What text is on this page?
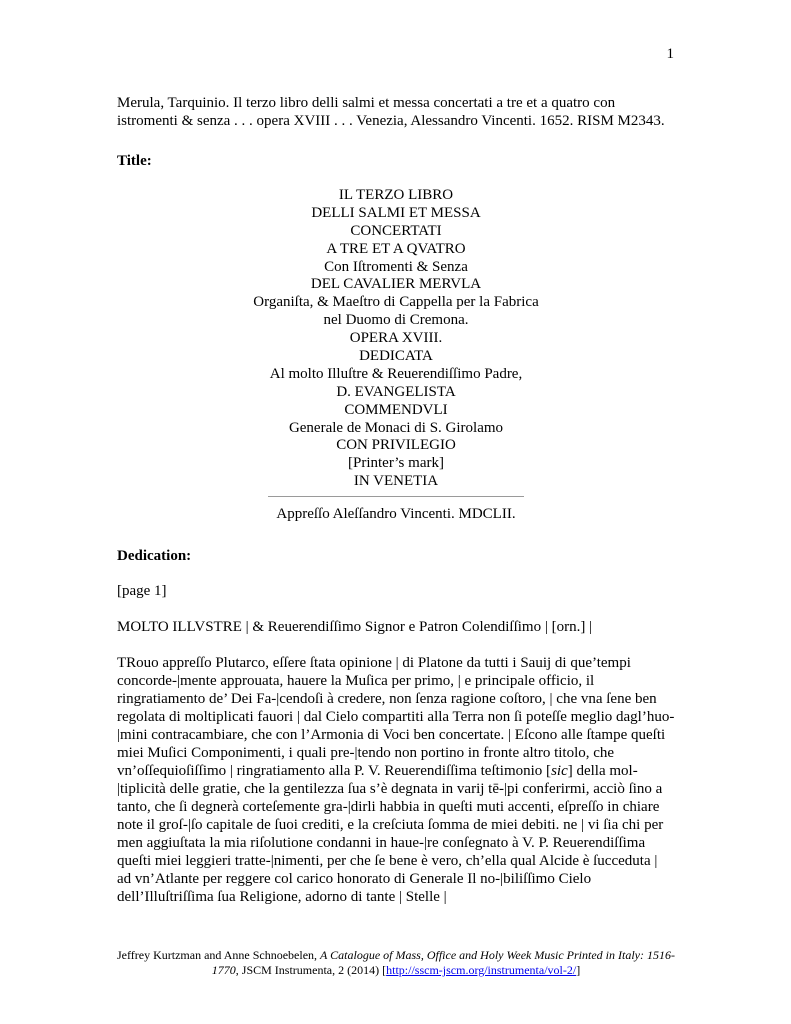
1

Merula, Tarquinio. Il terzo libro delli salmi et messa concertati a tre et a quatro con istromenti & senza . . . opera XVIII . . . Venezia, Alessandro Vincenti. 1652. RISM M2343.

Title:

IL TERZO LIBRO
DELLI SALMI ET MESSA
CONCERTATI
A TRE ET A QVATRO
Con Iſtromenti & Senza
DEL CAVALIER MERVLA
Organiſta, & Maeſtro di Cappella per la Fabrica
nel Duomo di Cremona.
OPERA XVIII.
DEDICATA
Al molto Illuſtre & Reuerendiſſimo Padre,
D. EVANGELISTA
COMMENDVLI
Generale de Monaci di S. Girolamo
CON PRIVILEGIO
[Printer’s mark]
IN VENETIA

Appreſſo Aleſſandro Vincenti. MDCLII.

Dedication:

[page 1]

MOLTO ILLVSTRE | & Reuerendiſſimo Signor e Patron Colendiſſimo | [orn.] |

TRouo appreſſo Plutarco, eſſere ſtata opinione | di Platone da tutti i Sauij di que’tempi concorde-|mente approuata, hauere la Muſica per primo, | e principale officio, il ringratiamento de’ Dei Fa-|cendoſi à credere, non ſenza ragione coſtoro, | che vna ſene ben regolata di moltiplicati fauori | dal Cielo compartiti alla Terra non ſi poteſſe meglio dagl’huo-|mini contracambiare, che con l’Armonia di Voci ben concertate. | Eſcono alle ſtampe queſti miei Muſici Componimenti, i quali pre-|tendo non portino in fronte altro titolo, che vn’oſſequioſiſſimo | ringratiamento alla P. V. Reuerendiſſima teſtimonio [sic] della mol-|tiplicità delle gratie, che la gentilezza ſua s’è degnata in varij tē-|pi conferirmi, acciò ſino a tanto, che ſi degnerà corteſemente gra-|dirli habbia in queſti muti accenti, eſpreſſo in chiare note il groſ-|ſo capitale de ſuoi crediti, e la creſciuta ſomma de miei debiti. ne | vi ſia chi per men aggiuſtata la mia riſolutione condanni in haue-|re conſegnato à V. P. Reuerendiſſima queſti miei leggieri tratte-|nimenti, per che ſe bene è vero, ch’ella qual Alcide è ſucceduta | ad vn’Atlante per reggere col carico honorato di Generale Il no-|biliſſimo Cielo dell’Illuſtriſſima ſua Religione, adorno di tante | Stelle |

Jeffrey Kurtzman and Anne Schnoebelen, A Catalogue of Mass, Office and Holy Week Music Printed in Italy: 1516-1770, JSCM Instrumenta, 2 (2014) [http://sscm-jscm.org/instrumenta/vol-2/]
